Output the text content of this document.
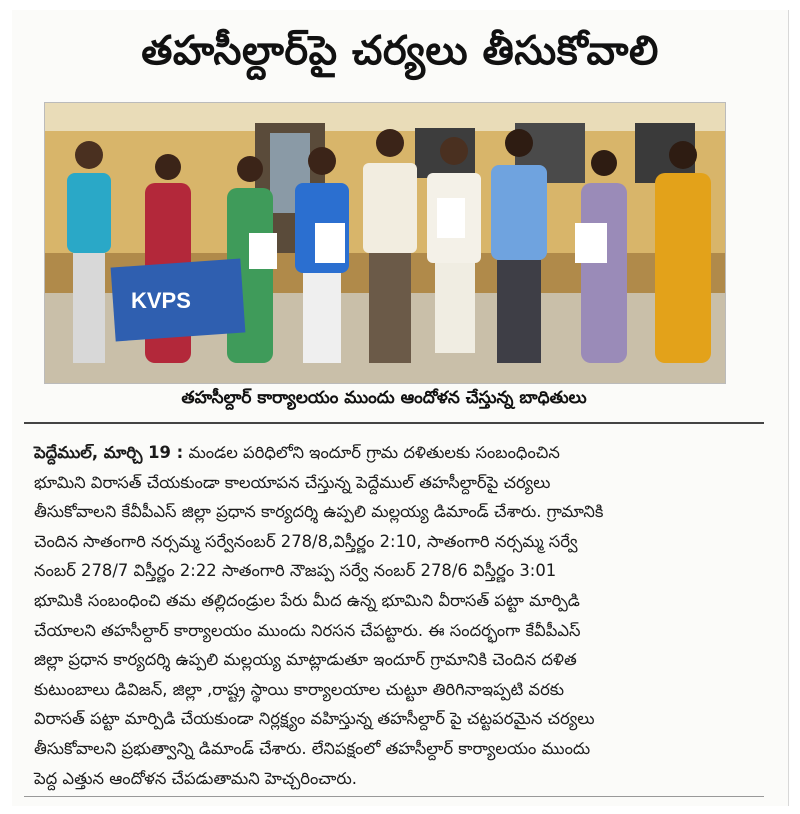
తహసీల్దార్‌పై చర్యలు తీసుకోవాలి
KVPS
తహసీల్దార్ కార్యాలయం ముందు ఆందోళన చేస్తున్న బాధితులు
పెద్దేముల్, మార్చి 19 : మండల పరిధిలోని ఇందూర్ గ్రామ దళితులకు సంబంధించిన
భూమిని విరాసత్ చేయకుండా కాలయాపన చేస్తున్న పెద్దేముల్ తహసీల్దార్‌పై చర్యలు
తీసుకోవాలని కేవీపీఎస్ జిల్లా ప్రధాన కార్యదర్శి ఉప్పలి మల్లయ్య డిమాండ్ చేశారు. గ్రామానికి
చెందిన సాతంగారి నర్సమ్మ సర్వేనంబర్ 278/8,విస్తీర్ణం 2:10, సాతంగారి నర్సమ్మ సర్వే
నంబర్ 278/7 విస్తీర్ణం 2:22 సాతంగారి నౌజప్ప సర్వే నంబర్ 278/6 విస్తీర్ణం 3:01
భూమికి సంబంధించి తమ తల్లిదండ్రుల పేరు మీద ఉన్న భూమిని వీరాసత్ పట్టా మార్పిడి
చేయాలని తహసీల్దార్ కార్యాలయం ముందు నిరసన చేపట్టారు. ఈ సందర్భంగా కేవీపీఎస్
జిల్లా ప్రధాన కార్యదర్శి ఉప్పలి మల్లయ్య మాట్లాడుతూ ఇందూర్ గ్రామానికి చెందిన దళిత
కుటుంబాలు డివిజన్, జిల్లా ,రాష్ట్ర స్థాయి కార్యాలయాల చుట్టూ తిరిగినాఇప్పటి వరకు
విరాసత్ పట్టా మార్పిడి చేయకుండా నిర్లక్ష్యం వహిస్తున్న తహసీల్దార్ పై చట్టపరమైన చర్యలు
తీసుకోవాలని ప్రభుత్వాన్ని డిమాండ్ చేశారు. లేనిపక్షంలో తహసీల్దార్ కార్యాలయం ముందు
పెద్ద ఎత్తున ఆందోళన చేపడుతామని హెచ్చరించారు.
